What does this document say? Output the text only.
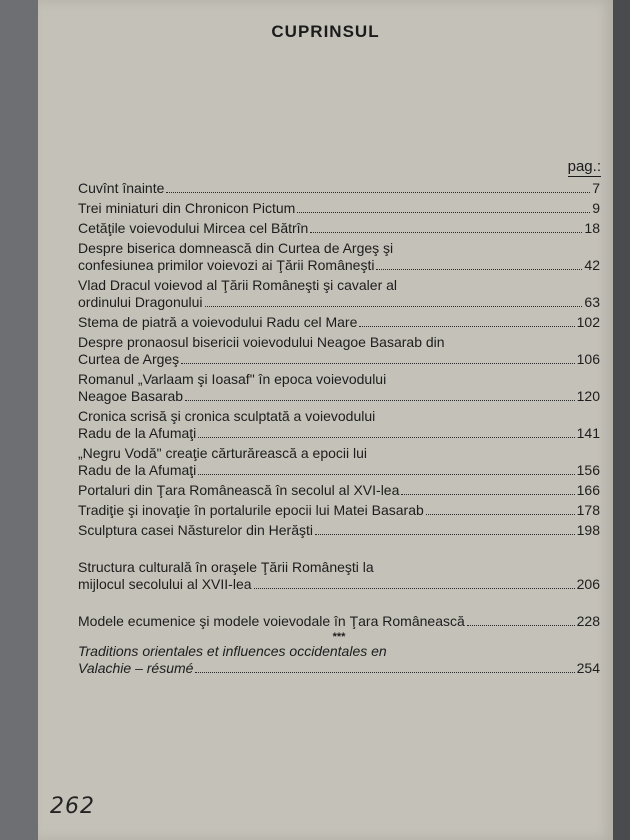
CUPRINSUL
pag.:
Cuvînt înainte	7
Trei miniaturi din Chronicon Pictum	9
Cetăţile voievodului Mircea cel Bătrîn	18
Despre biserica domnească din Curtea de Argeş şi
confesiunea primilor voievozi ai Ţării Româneşti	42
Vlad Dracul voievod al Ţării Româneşti şi cavaler al
ordinului Dragonului	63
Stema de piatră a voievodului Radu cel Mare	102
Despre pronaosul bisericii voievodului Neagoe Basarab din
Curtea de Argeş	106
Romanul „Varlaam şi Ioasaf" în epoca voievodului
Neagoe Basarab	120
Cronica scrisă şi cronica sculptată a voievodului
Radu de la Afumaţi	141
„Negru Vodă" creaţie cărturărească a epocii lui
Radu de la Afumaţi	156
Portaluri din Ţara Românească în secolul al XVI-lea	166
Tradiţie şi inovaţie în portalurile epocii lui Matei Basarab	178
Sculptura casei Năsturelor din Herăşti	198
Structura culturală în oraşele Ţării Româneşti la
mijlocul secolului al XVII-lea	206
Modele ecumenice şi modele voievodale în Ţara Românească	228
***
Traditions orientales et influences occidentales en
Valachie – résumé	254
262
